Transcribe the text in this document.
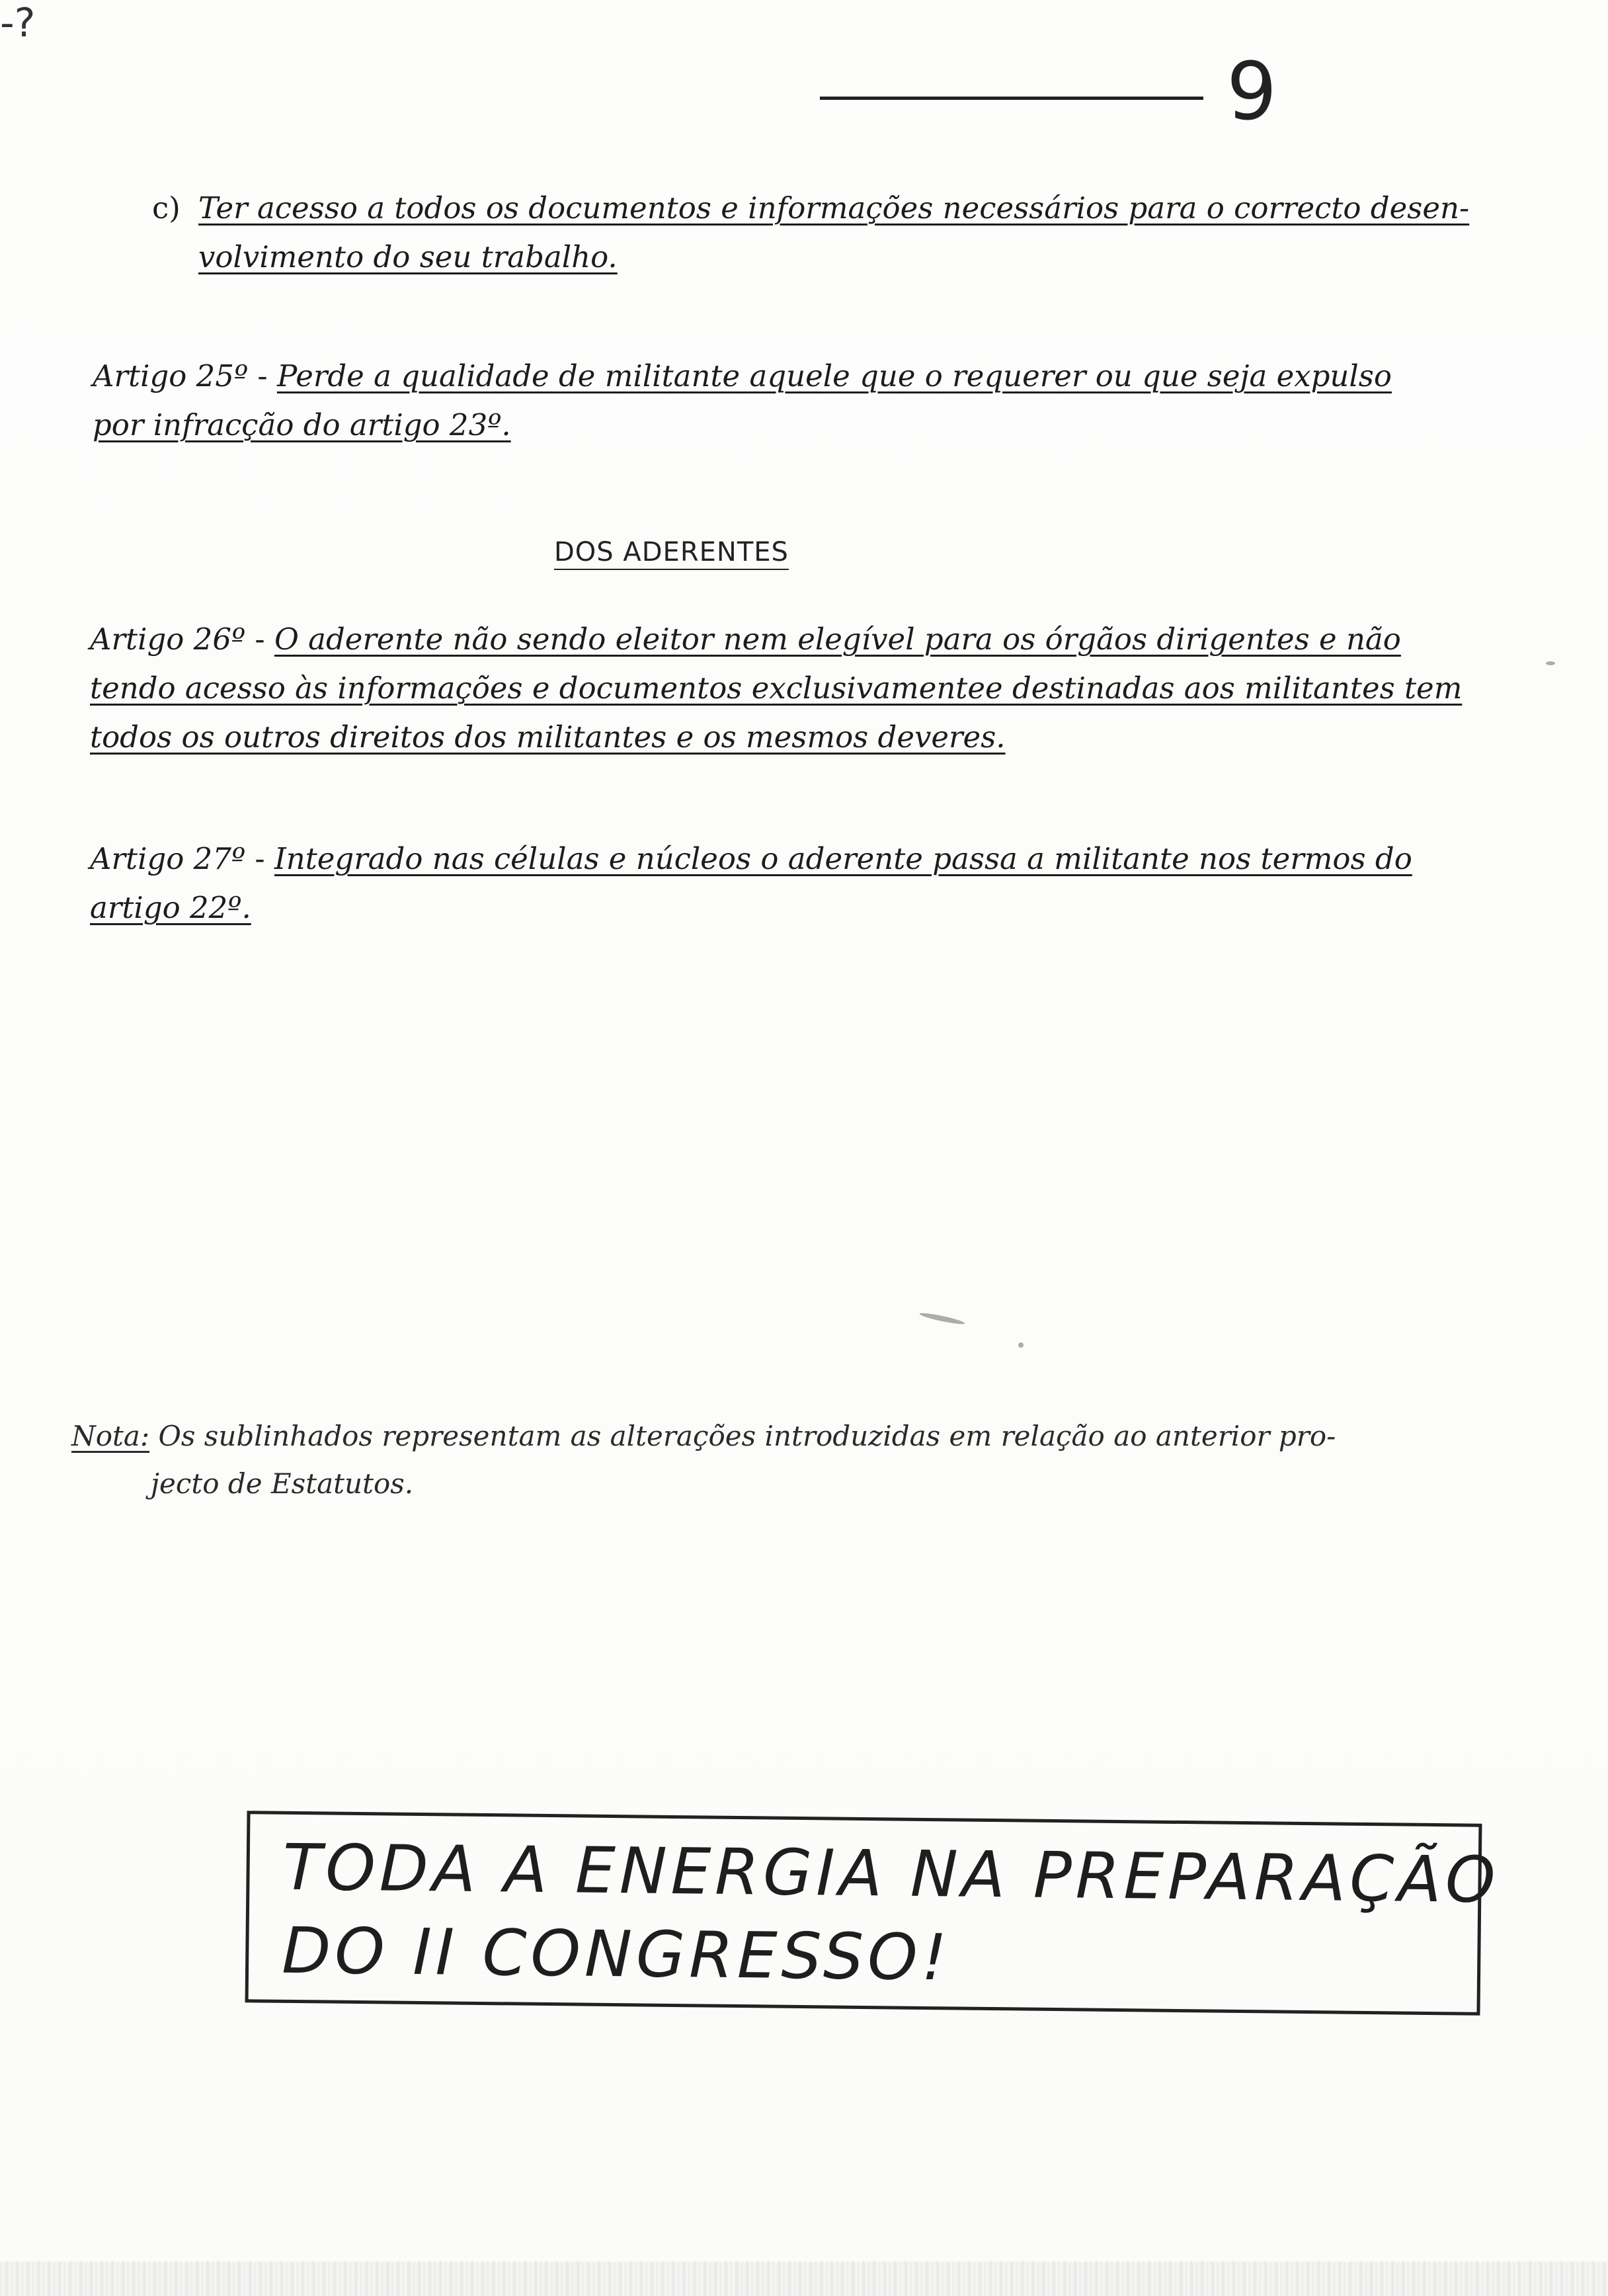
-?
9
c) Ter acesso a todos os documentos e informações necessários para o correcto desen-
volvimento do seu trabalho.
Artigo 25º - Perde a qualidade de militante aquele que o requerer ou que seja expulso
por infracção do artigo 23º.
DOS ADERENTES
Artigo 26º - O aderente não sendo eleitor nem elegível para os órgãos dirigentes e não
tendo acesso às informações e documentos exclusivamentee destinadas aos militantes tem
todos os outros direitos dos militantes e os mesmos deveres.
Artigo 27º - Integrado nas células e núcleos o aderente passa a militante nos termos do
artigo 22º.
Nota: Os sublinhados representam as alterações introduzidas em relação ao anterior pro-
jecto de Estatutos.
TODA A ENERGIA NA PREPARAÇÃO
DO II CONGRESSO!
